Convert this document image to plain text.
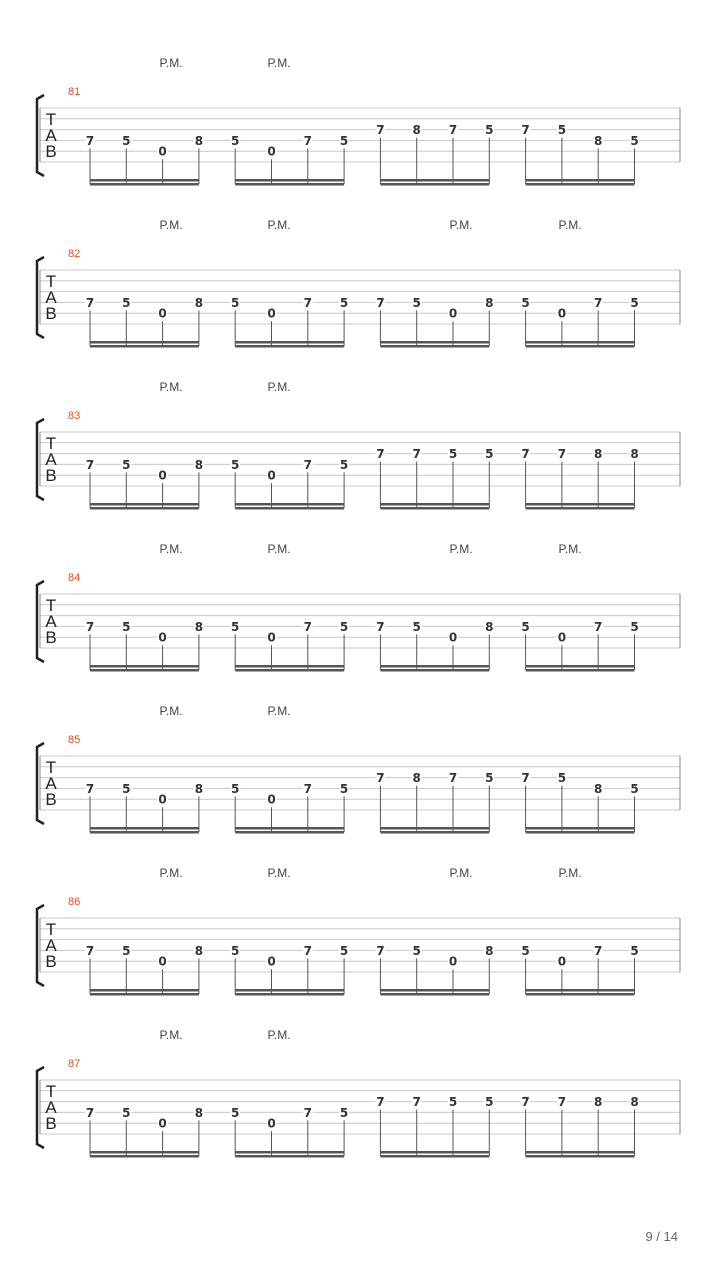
81
P.M.	P.M.
T
A
B
7 5
0
8 5
0
7 5
7 8 7 5 7 5
8 5
82
P.M.	P.M.	P.M.	P.M.
T
A
B
7 5
0
8 5
0
7 5 7 5
0
8 5
0
7 5
83
P.M.	P.M.
T
A
B
7 5
0
8 5
0
7 5
7 7 5 5 7 7 8 8
84
P.M.	P.M.	P.M.	P.M.
T
A
B
7 5
0
8 5
0
7 5 7 5
0
8 5
0
7 5
85
P.M.	P.M.
T
A
B
7 5
0
8 5
0
7 5
7 8 7 5 7 5
8 5
86
P.M.	P.M.	P.M.	P.M.
T
A
B
7 5
0
8 5
0
7 5 7 5
0
8 5
0
7 5
87
P.M.	P.M.
T
A
B
7 5
0
8 5
0
7 5
7 7 5 5 7 7 8 8
9 / 14
